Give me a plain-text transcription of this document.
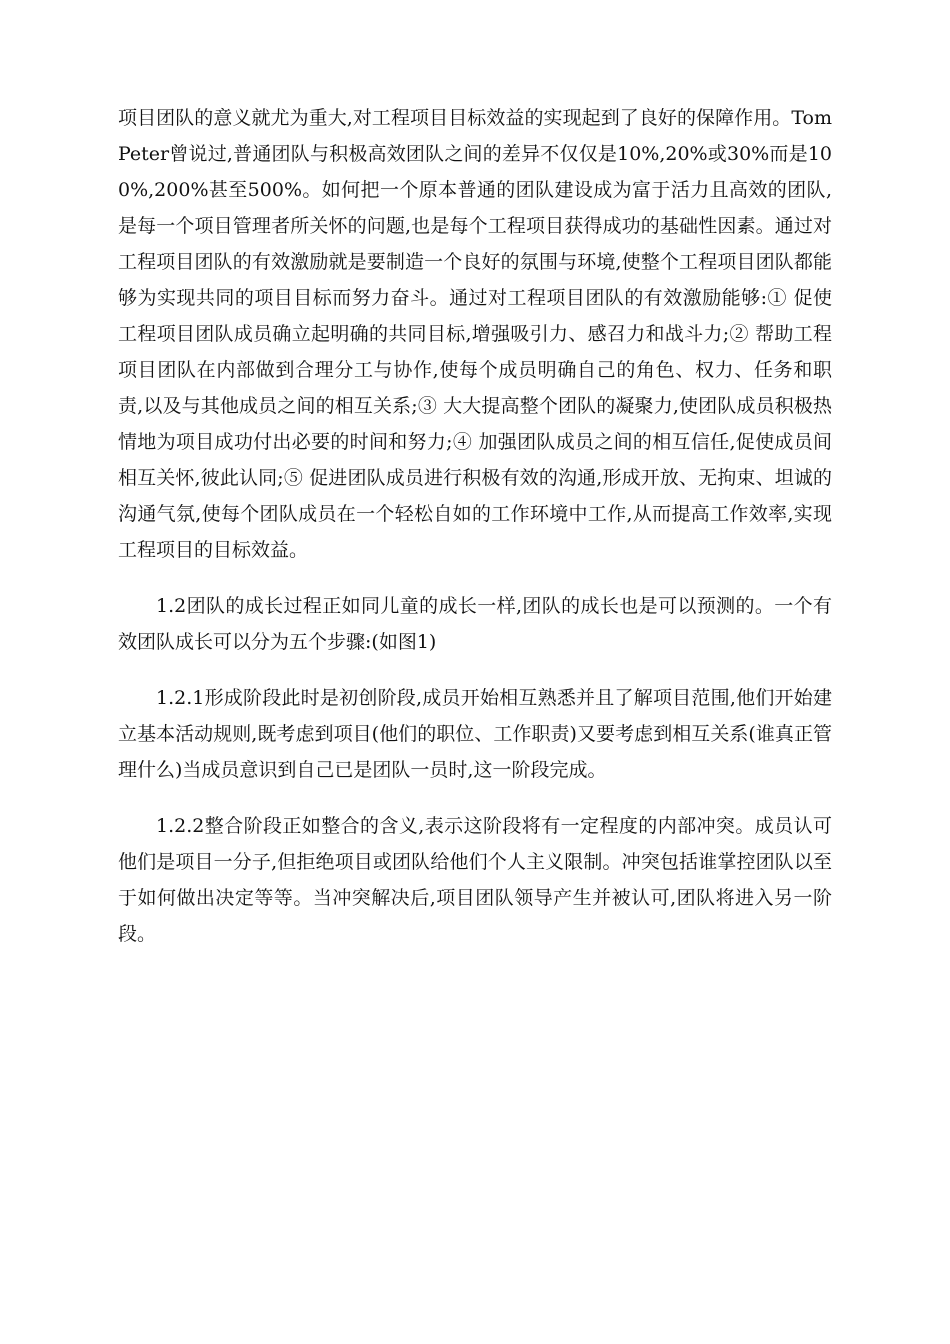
项目团队的意义就尤为重大,对工程项目目标效益的实现起到了良好的保障作用。TomPeter曾说过,普通团队与积极高效团队之间的差异不仅仅是10%,20%或30%而是100%,200%甚至500%。如何把一个原本普通的团队建设成为富于活力且高效的团队,是每一个项目管理者所关怀的问题,也是每个工程项目获得成功的基础性因素。通过对工程项目团队的有效激励就是要制造一个良好的氛围与环境,使整个工程项目团队都能够为实现共同的项目目标而努力奋斗。通过对工程项目团队的有效激励能够:① 促使工程项目团队成员确立起明确的共同目标,增强吸引力、感召力和战斗力;② 帮助工程项目团队在内部做到合理分工与协作,使每个成员明确自己的角色、权力、任务和职责,以及与其他成员之间的相互关系;③ 大大提高整个团队的凝聚力,使团队成员积极热情地为项目成功付出必要的时间和努力;④ 加强团队成员之间的相互信任,促使成员间相互关怀,彼此认同;⑤ 促进团队成员进行积极有效的沟通,形成开放、无拘束、坦诚的沟通气氛,使每个团队成员在一个轻松自如的工作环境中工作,从而提高工作效率,实现工程项目的目标效益。

1.2团队的成长过程正如同儿童的成长一样,团队的成长也是可以预测的。一个有效团队成长可以分为五个步骤:(如图1)

1.2.1形成阶段此时是初创阶段,成员开始相互熟悉并且了解项目范围,他们开始建立基本活动规则,既考虑到项目(他们的职位、工作职责)又要考虑到相互关系(谁真正管理什么)当成员意识到自己已是团队一员时,这一阶段完成。

1.2.2整合阶段正如整合的含义,表示这阶段将有一定程度的内部冲突。成员认可他们是项目一分子,但拒绝项目或团队给他们个人主义限制。冲突包括谁掌控团队以至于如何做出决定等等。当冲突解决后,项目团队领导产生并被认可,团队将进入另一阶段。
